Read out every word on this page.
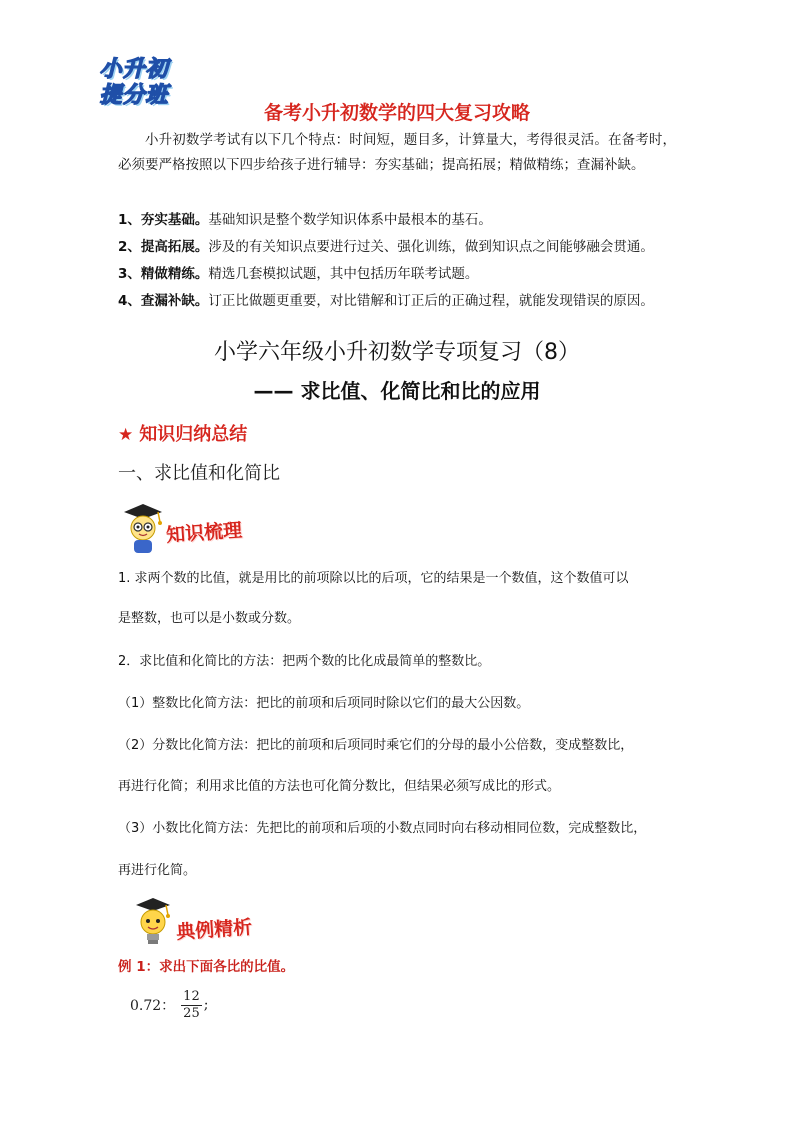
小升初
提分班
备考小升初数学的四大复习攻略
小升初数学考试有以下几个特点：时间短，题目多，计算量大，考得很灵活。在备考时，必须要严格按照以下四步给孩子进行辅导：夯实基础；提高拓展；精做精练；查漏补缺。
1、夯实基础。基础知识是整个数学知识体系中最根本的基石。
2、提高拓展。涉及的有关知识点要进行过关、强化训练，做到知识点之间能够融会贯通。
3、精做精练。精选几套模拟试题，其中包括历年联考试题。
4、查漏补缺。订正比做题更重要，对比错解和订正后的正确过程，就能发现错误的原因。
小学六年级小升初数学专项复习（8）
—— 求比值、化简比和比的应用
★ 知识归纳总结
一、求比值和化简比
知识梳理
1. 求两个数的比值，就是用比的前项除以比的后项，它的结果是一个数值，这个数值可以
是整数，也可以是小数或分数。
2．求比值和化简比的方法：把两个数的比化成最简单的整数比。
（1）整数比化简方法：把比的前项和后项同时除以它们的最大公因数。
（2）分数比化简方法：把比的前项和后项同时乘它们的分母的最小公倍数，变成整数比，
再进行化简；利用求比值的方法也可化简分数比，但结果必须写成比的形式。
（3）小数比化简方法：先把比的前项和后项的小数点同时向右移动相同位数，完成整数比，
再进行化简。
典例精析
例 1：求出下面各比的比值。
0.72： $\frac{12}{25}$ ;
